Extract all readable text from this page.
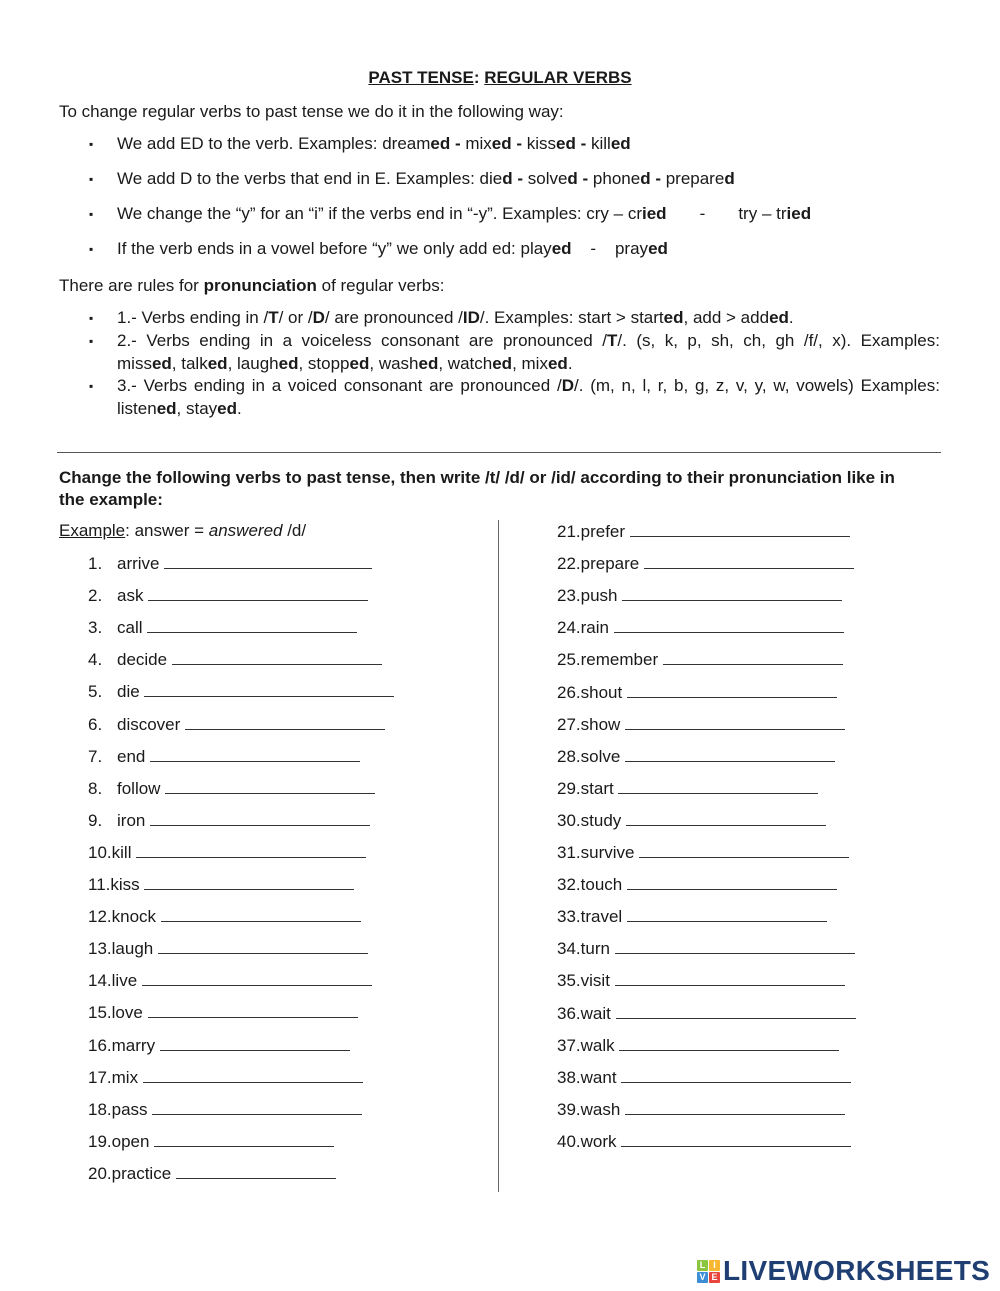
PAST TENSE: REGULAR VERBS
To change regular verbs to past tense we do it in the following way:
▪ We add ED to the verb. Examples: dreamed - mixed - kissed - killed
▪ We add D to the verbs that end in E. Examples: died - solved - phoned - prepared
▪ We change the “y” for an “i” if the verbs end in “-y”. Examples: cry – cried       -       try – tried
▪ If the verb ends in a vowel before “y” we only add ed: played    -    prayed
There are rules for pronunciation of regular verbs:
▪ 1.- Verbs ending in /T/ or /D/ are pronounced /ID/. Examples: start > started, add > added.
▪ 2.- Verbs ending in a voiceless consonant are pronounced /T/. (s, k, p, sh, ch, gh /f/, x). Examples:
missed, talked, laughed, stopped, washed, watched, mixed.
▪ 3.- Verbs ending in a voiced consonant are pronounced /D/. (m, n, l, r, b, g, z, v, y, w, vowels) Examples:
listened, stayed.
Change the following verbs to past tense, then write /t/ /d/ or /id/ according to their pronunciation like in
the example:
Example: answer = answered /d/
1. arrive
2. ask
3. call
4. decide
5. die
6. discover
7. end
8. follow
9. iron
10.kill
11.kiss
12.knock
13.laugh
14.live
15.love
16.marry
17.mix
18.pass
19.open
20.practice
21.prefer
22.prepare
23.push
24.rain
25.remember
26.shout
27.show
28.solve
29.start
30.study
31.survive
32.touch
33.travel
34.turn
35.visit
36.wait
37.walk
38.want
39.wash
40.work
L I
V E LIVEWORKSHEETS
